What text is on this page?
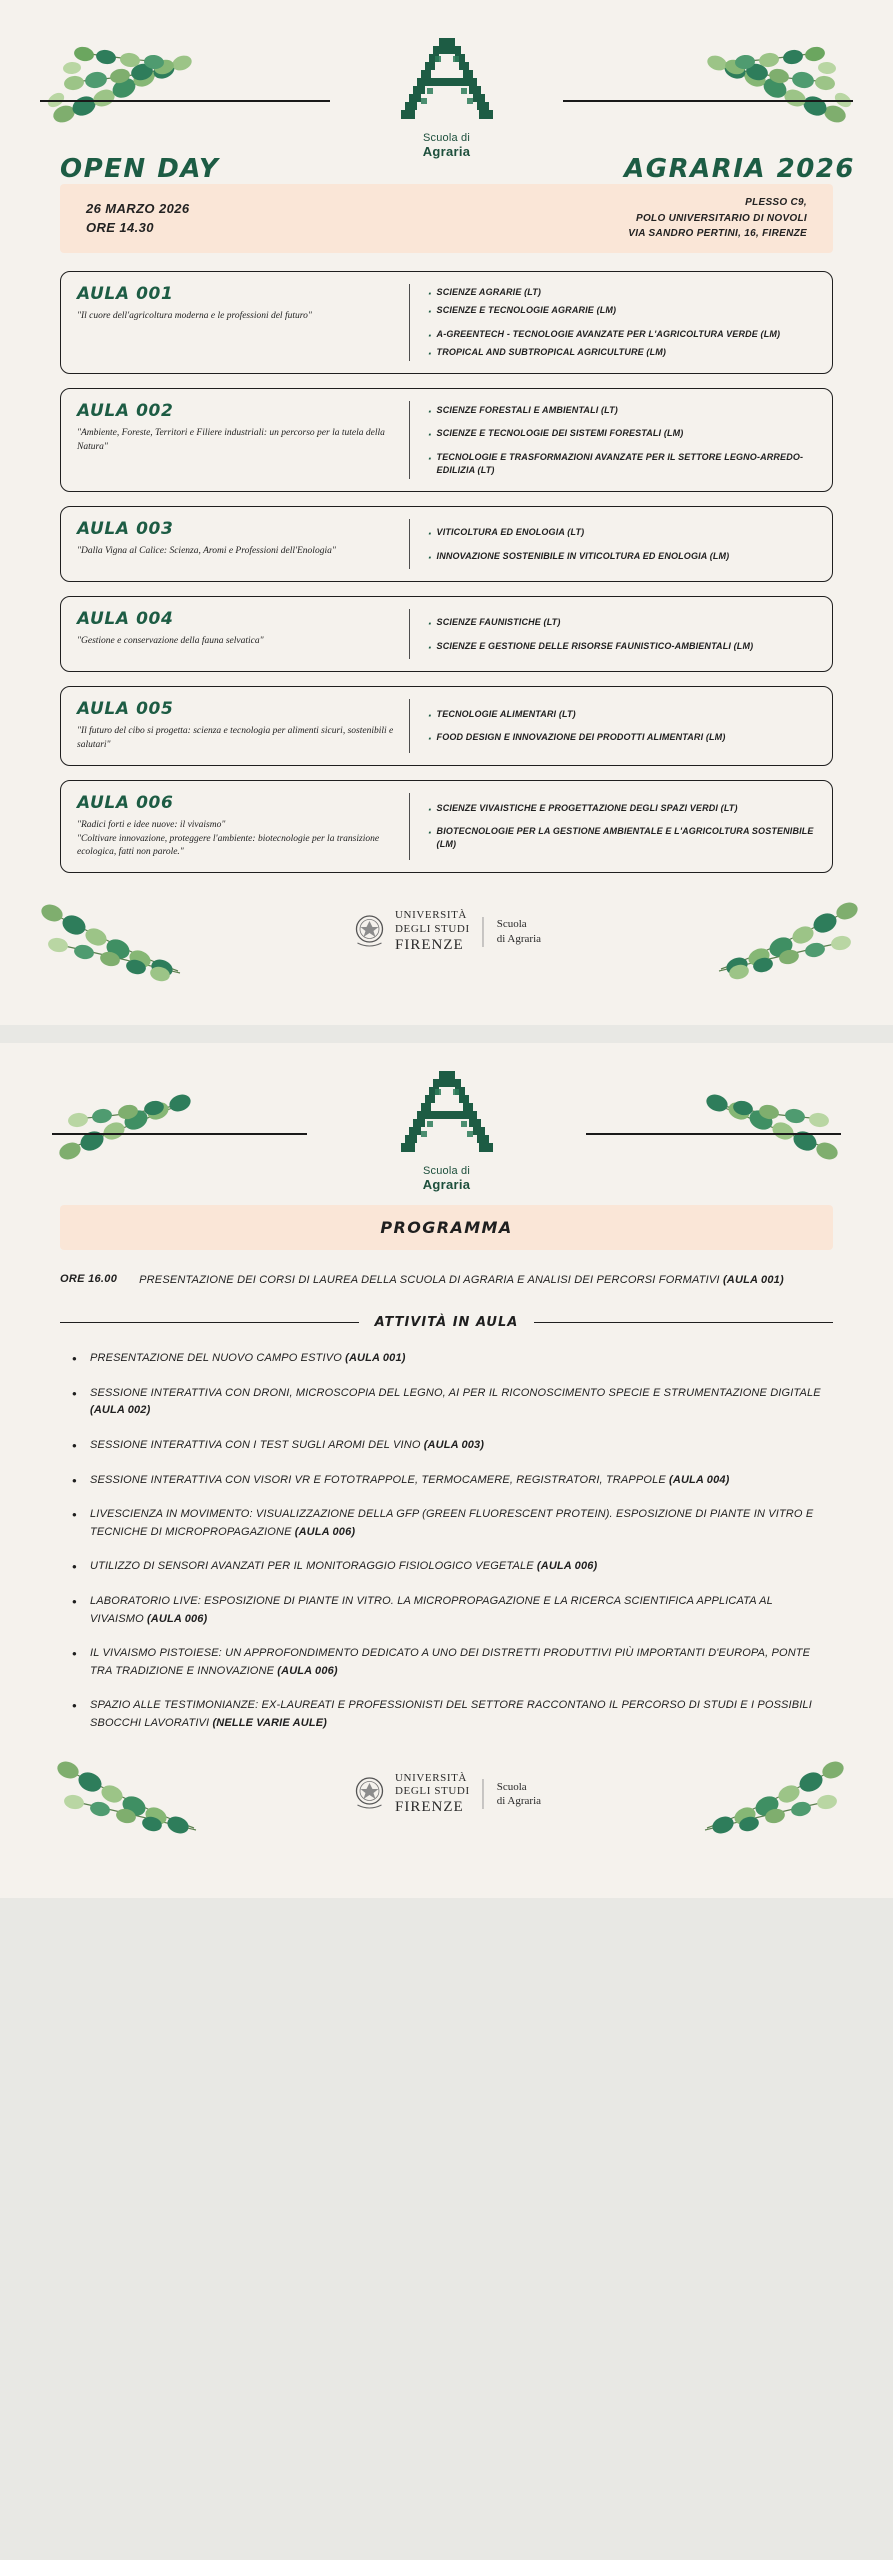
Scuola di
Agraria
OPEN DAY	AGRARIA 2026
26 MARZO 2026
ORE 14.30
PLESSO C9,
POLO UNIVERSITARIO DI NOVOLI
VIA SANDRO PERTINI, 16, FIRENZE
AULA 001
"Il cuore dell'agricoltura moderna e le professioni del futuro"
· SCIENZE AGRARIE (LT)
· SCIENZE E TECNOLOGIE AGRARIE (LM)
· A-GREENTECH - TECNOLOGIE AVANZATE PER L'AGRICOLTURA VERDE (LM)
· TROPICAL AND SUBTROPICAL AGRICULTURE (LM)
AULA 002
"Ambiente, Foreste, Territori e Filiere industriali: un percorso per la tutela della Natura"
· SCIENZE FORESTALI E AMBIENTALI (LT)
· SCIENZE E TECNOLOGIE DEI SISTEMI FORESTALI (LM)
· TECNOLOGIE E TRASFORMAZIONI AVANZATE PER IL SETTORE LEGNO-ARREDO-EDILIZIA (LT)
AULA 003
"Dalla Vigna al Calice: Scienza, Aromi e Professioni dell'Enologia"
· VITICOLTURA ED ENOLOGIA (LT)
· INNOVAZIONE SOSTENIBILE IN VITICOLTURA ED ENOLOGIA (LM)
AULA 004
"Gestione e conservazione della fauna selvatica"
· SCIENZE FAUNISTICHE (LT)
· SCIENZE E GESTIONE DELLE RISORSE FAUNISTICO-AMBIENTALI (LM)
AULA 005
"Il futuro del cibo si progetta: scienza e tecnologia per alimenti sicuri, sostenibili e salutari"
· TECNOLOGIE ALIMENTARI (LT)
· FOOD DESIGN E INNOVAZIONE DEI PRODOTTI ALIMENTARI (LM)
AULA 006
"Radici forti e idee nuove: il vivaismo"
"Coltivare innovazione, proteggere l'ambiente: biotecnologie per la transizione ecologica, fatti non parole."
· SCIENZE VIVAISTICHE E PROGETTAZIONE DEGLI SPAZI VERDI (LT)
· BIOTECNOLOGIE PER LA GESTIONE AMBIENTALE E L'AGRICOLTURA SOSTENIBILE (LM)
UNIVERSITÀ
DEGLI STUDI
FIRENZE
Scuola
di Agraria
Scuola di
Agraria
PROGRAMMA
ORE 16.00 PRESENTAZIONE DEI CORSI DI LAUREA DELLA SCUOLA DI AGRARIA E ANALISI DEI PERCORSI FORMATIVI (AULA 001)
ATTIVITÀ IN AULA
• PRESENTAZIONE DEL NUOVO CAMPO ESTIVO (AULA 001)
• SESSIONE INTERATTIVA CON DRONI, MICROSCOPIA DEL LEGNO, AI PER IL RICONOSCIMENTO SPECIE E STRUMENTAZIONE DIGITALE (AULA 002)
• SESSIONE INTERATTIVA CON I TEST SUGLI AROMI DEL VINO (AULA 003)
• SESSIONE INTERATTIVA CON VISORI VR E FOTOTRAPPOLE, TERMOCAMERE, REGISTRATORI, TRAPPOLE (AULA 004)
• LIVESCIENZA IN MOVIMENTO: VISUALIZZAZIONE DELLA GFP (GREEN FLUORESCENT PROTEIN). ESPOSIZIONE DI PIANTE IN VITRO E TECNICHE DI MICROPROPAGAZIONE (AULA 006)
• UTILIZZO DI SENSORI AVANZATI PER IL MONITORAGGIO FISIOLOGICO VEGETALE (AULA 006)
• LABORATORIO LIVE: ESPOSIZIONE DI PIANTE IN VITRO. LA MICROPROPAGAZIONE E LA RICERCA SCIENTIFICA APPLICATA AL VIVAISMO (AULA 006)
• IL VIVAISMO PISTOIESE: UN APPROFONDIMENTO DEDICATO A UNO DEI DISTRETTI PRODUTTIVI PIÙ IMPORTANTI D'EUROPA, PONTE TRA TRADIZIONE E INNOVAZIONE (AULA 006)
• SPAZIO ALLE TESTIMONIANZE: EX-LAUREATI E PROFESSIONISTI DEL SETTORE RACCONTANO IL PERCORSO DI STUDI E I POSSIBILI SBOCCHI LAVORATIVI (NELLE VARIE AULE)
UNIVERSITÀ
DEGLI STUDI
FIRENZE
Scuola
di Agraria
